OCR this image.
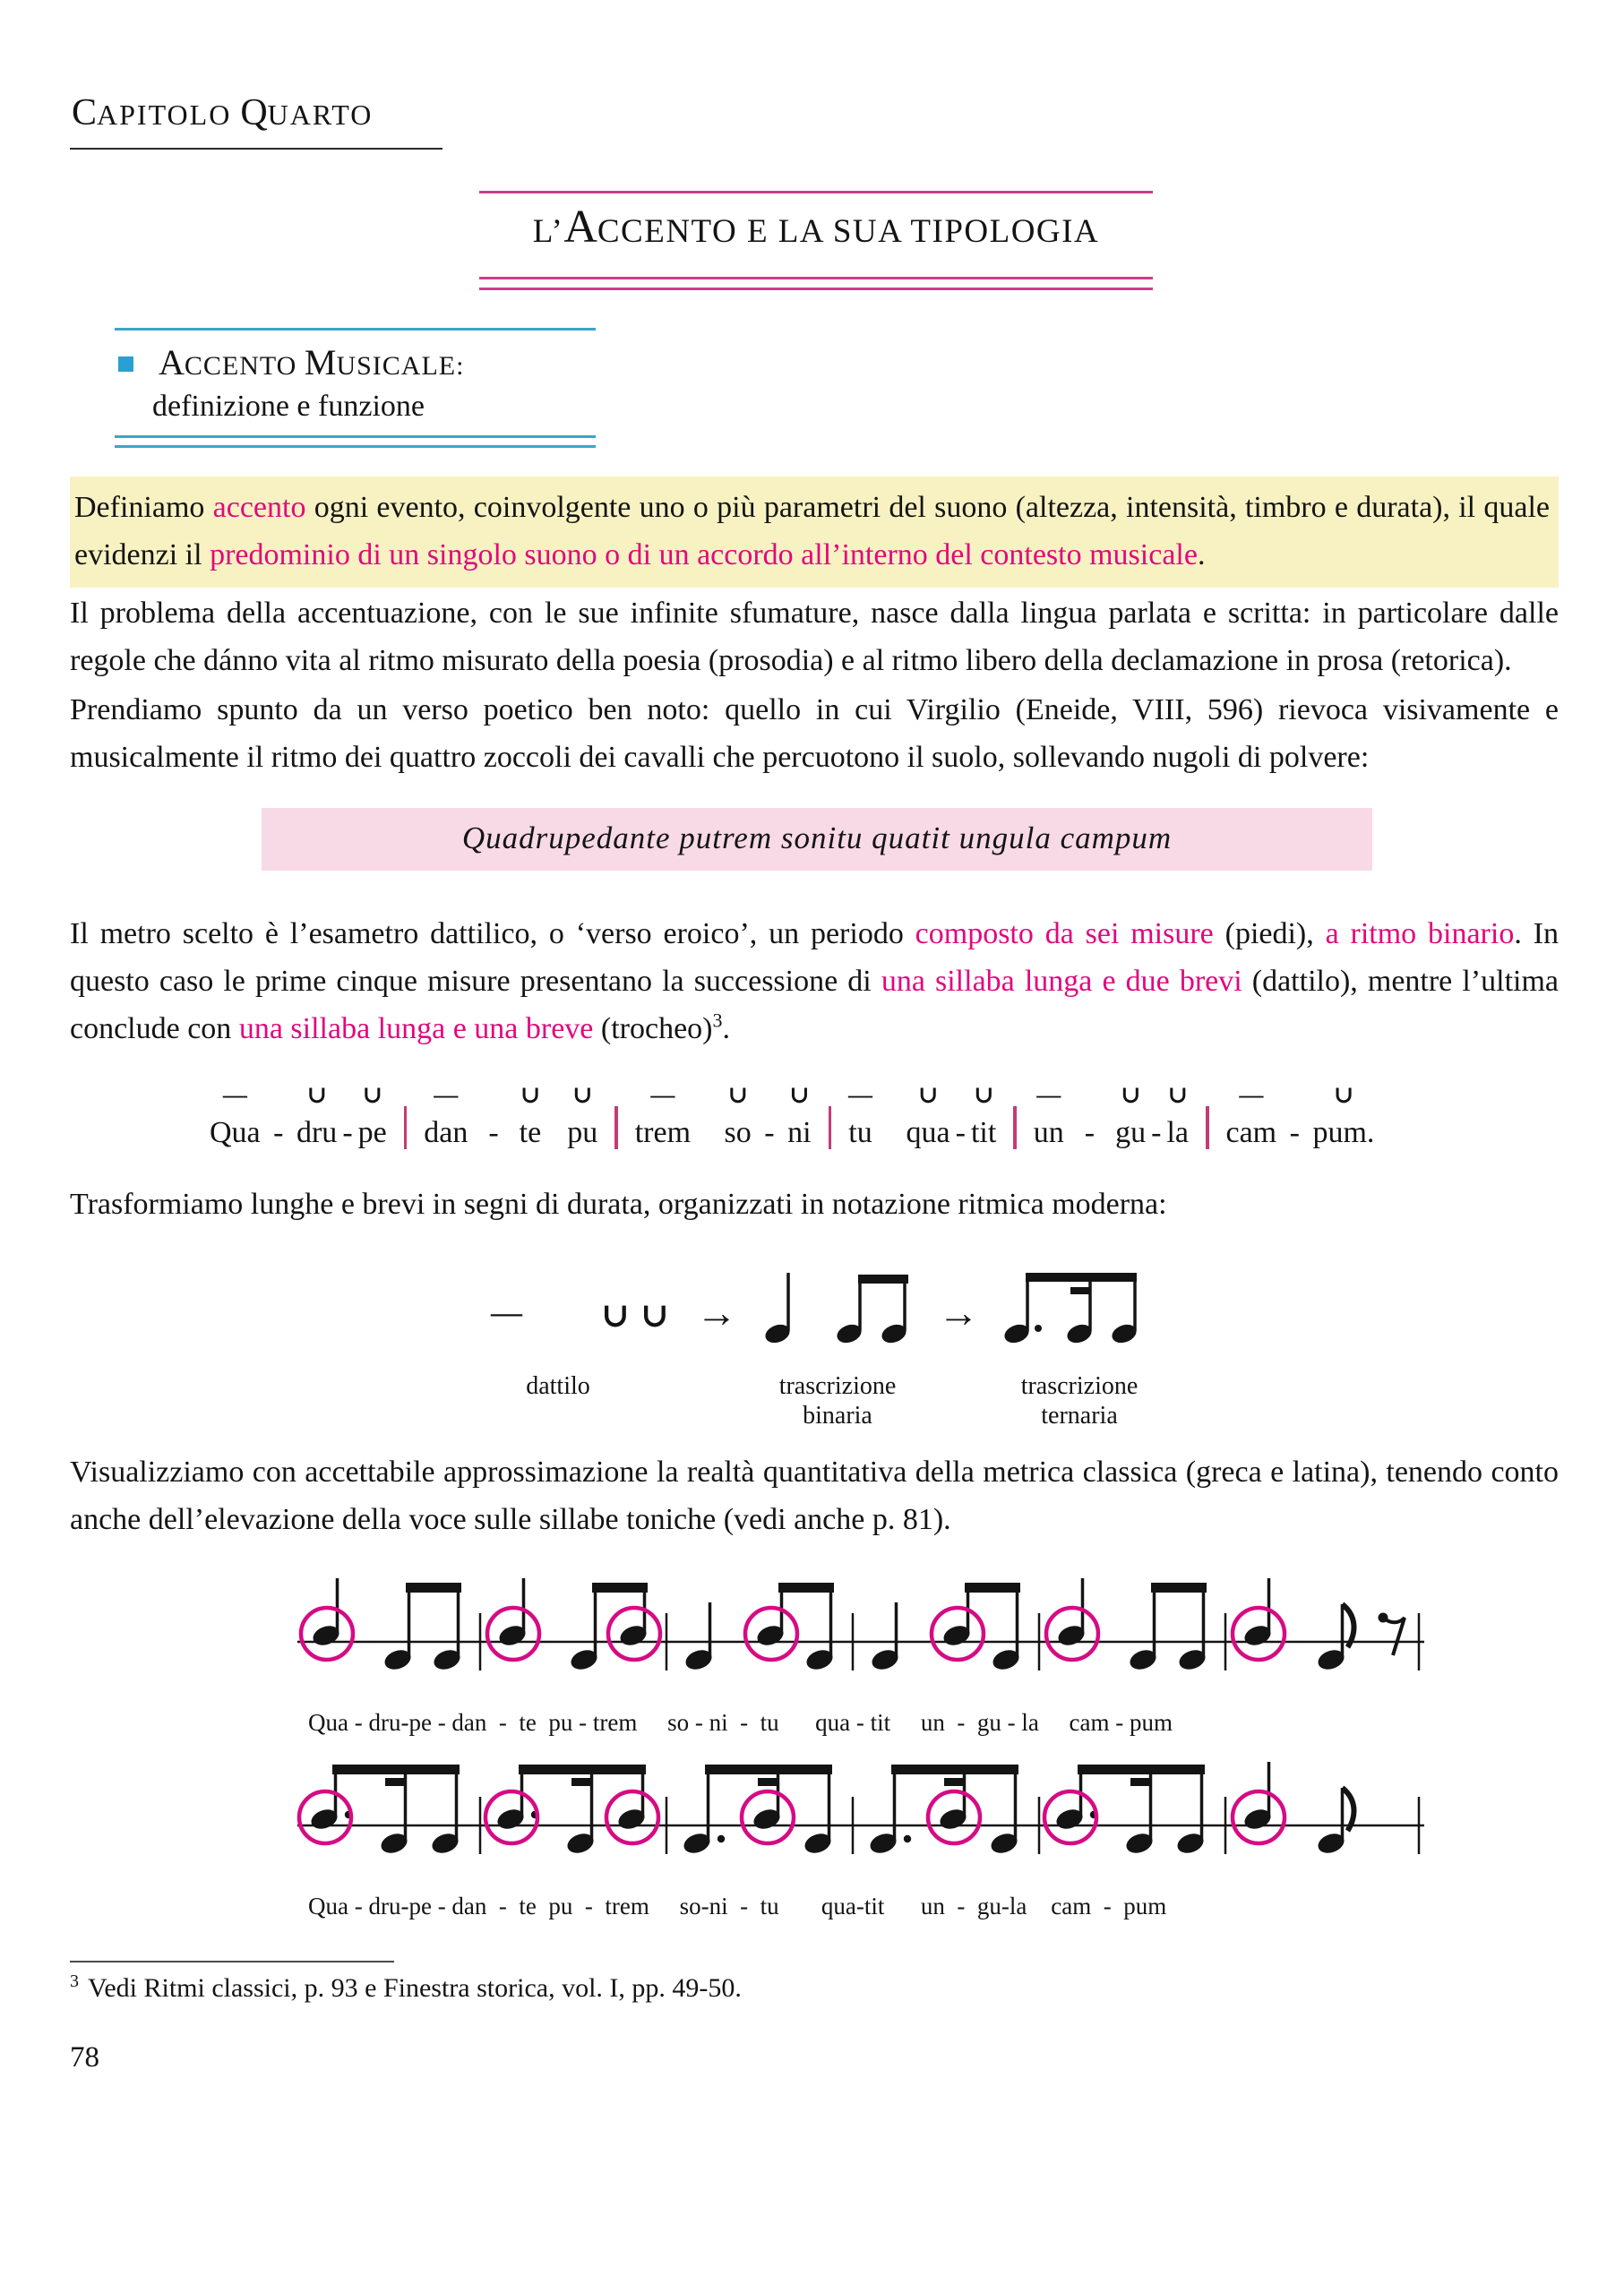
CAPITOLO QUARTO
L’ACCENTO E LA SUA TIPOLOGIA
ACCENTO MUSICALE:
definizione e funzione
Definiamo accento ogni evento, coinvolgente uno o più parametri del suono (altezza, intensità, timbro e durata), il quale evidenzi il predominio di un singolo suono o di un accordo all’interno del contesto musicale.
Il problema della accentuazione, con le sue infinite sfumature, nasce dalla lingua parlata e scritta: in particolare dalle regole che dánno vita al ritmo misurato della poesia (prosodia) e al ritmo libero della declamazione in prosa (retorica).
Prendiamo spunto da un verso poetico ben noto: quello in cui Virgilio (Eneide, VIII, 596) rievoca visivamente e musicalmente il ritmo dei quattro zoccoli dei cavalli che percuotono il suolo, sollevando nugoli di polvere:
Quadrupedante putrem sonitu quatit ungula campum
Il metro scelto è l’esametro dattilico, o ‘verso eroico’, un periodo composto da sei misure (piedi), a ritmo binario. In questo caso le prime cinque misure presentano la successione di una sillaba lunga e due brevi (dattilo), mentre l’ultima conclude con una sillaba lunga e una breve (trocheo)$^3$.
—
Qua -
∪
dru -
∪
pe
—
dan -
∪
te

∪
pu
—
trem

∪
so -
∪
ni
—
tu

∪
qua -
∪
tit
—
un -
∪
gu -
∪
la
—
cam -
∪
pum.
Trasformiamo lunghe e brevi in segni di durata, organizzati in notazione ritmica moderna:
– ∪ ∪ →	→
dattilo	trascrizione
binaria
trascrizione
ternaria
Visualizziamo con accettabile approssimazione la realtà quantitativa della metrica classica (greca e latina), tenendo conto anche dell’elevazione della voce sulle sillabe toniche (vedi anche p. 81).
Qua - dru-pe - dan  -  te  pu - trem     so - ni  -  tu      qua - tit     un  -  gu - la     cam - pum
Qua - dru-pe - dan  -  te  pu  -  trem     so-ni  -  tu       qua-tit      un  -  gu-la    cam  -  pum
$^3$ Vedi Ritmi classici, p. 93 e Finestra storica, vol. I, pp. 49-50.
78
